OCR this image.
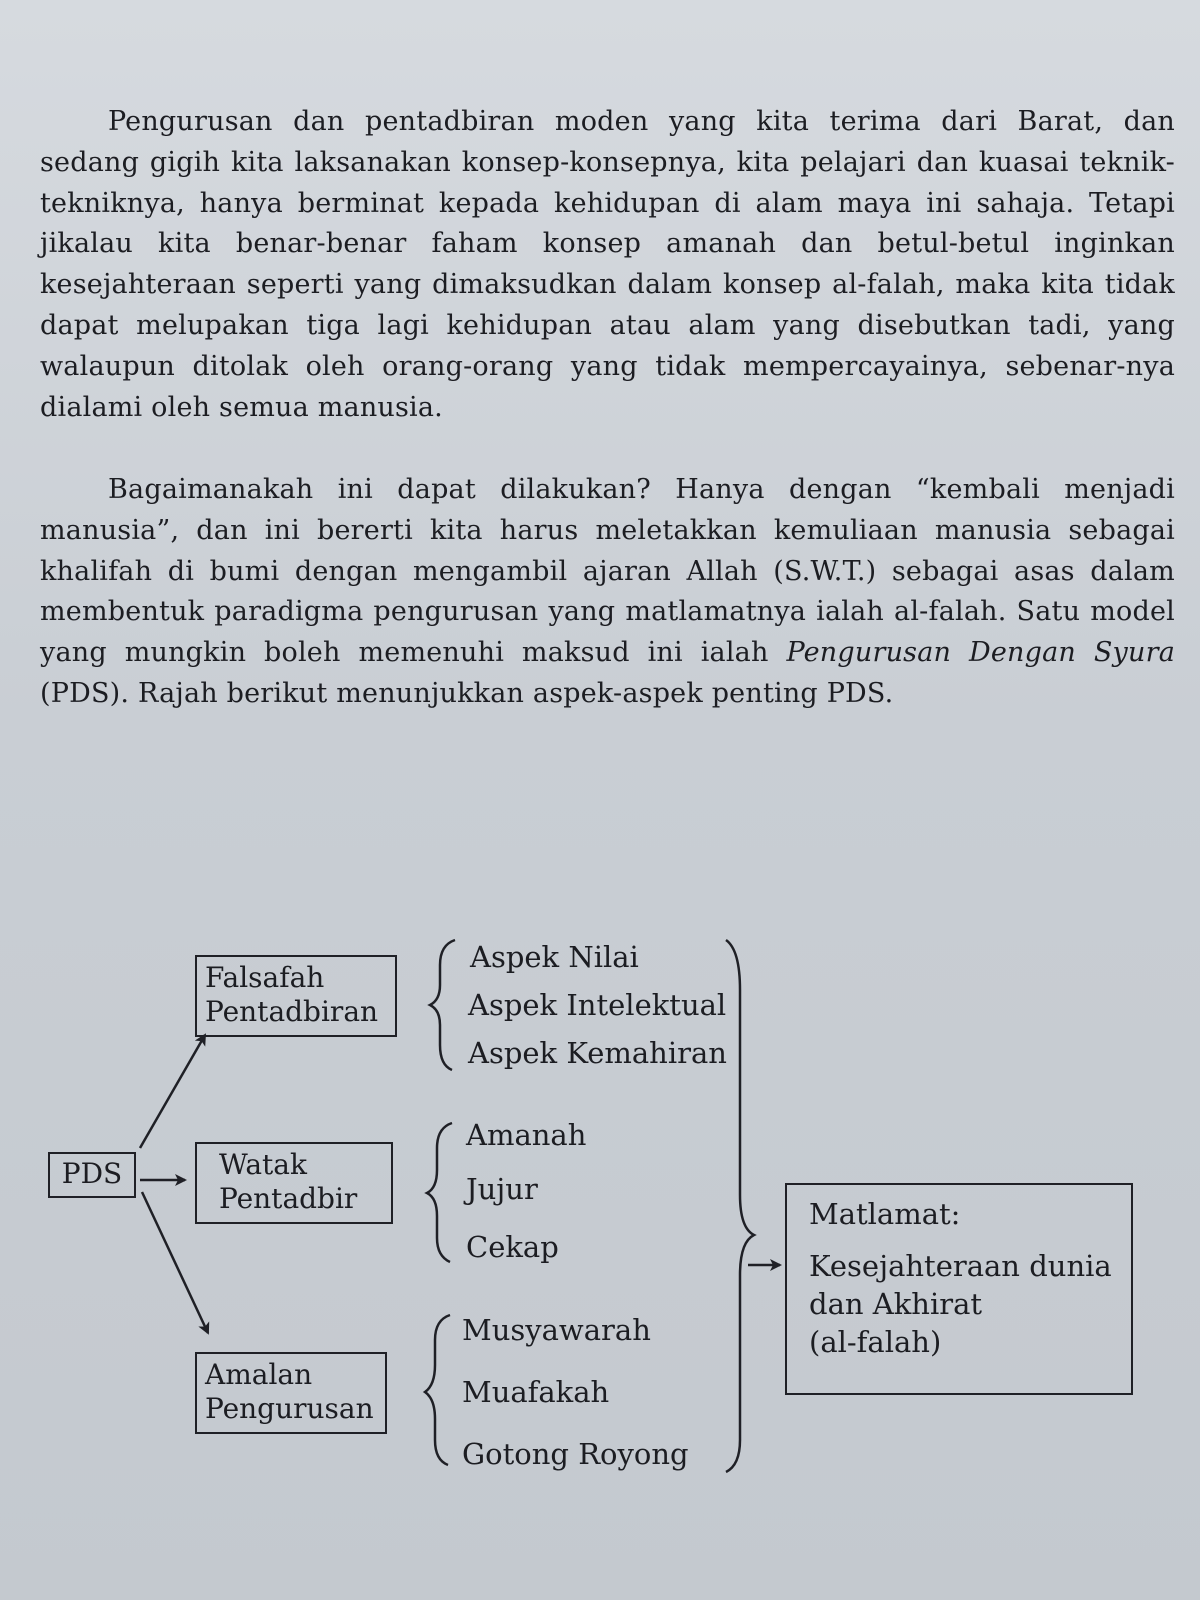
Pengurusan dan pentadbiran moden yang kita terima dari Barat, dan sedang gigih kita laksanakan konsep-konsepnya, kita pelajari dan kuasai teknik-tekniknya, hanya berminat kepada kehidupan di alam maya ini sahaja. Tetapi jikalau kita benar-benar faham konsep amanah dan betul-betul inginkan kesejahteraan seperti yang dimaksudkan dalam konsep al-falah, maka kita tidak dapat melupakan tiga lagi kehidupan atau alam yang disebutkan tadi, yang walaupun ditolak oleh orang-orang yang tidak mempercayainya, sebenar-nya dialami oleh semua manusia.

Bagaimanakah ini dapat dilakukan? Hanya dengan “kembali menjadi manusia”, dan ini bererti kita harus meletakkan kemuliaan manusia sebagai khalifah di bumi dengan mengambil ajaran Allah (S.W.T.) sebagai asas dalam membentuk paradigma pengurusan yang matlamatnya ialah al-falah. Satu model yang mungkin boleh memenuhi maksud ini ialah Pengurusan Dengan Syura (PDS). Rajah berikut menunjukkan aspek-aspek penting PDS.

PDS
Falsafah
Pentadbiran
Watak
Pentadbir
Amalan
Pengurusan
Aspek Nilai
Aspek Intelektual
Aspek Kemahiran
Amanah
Jujur
Cekap
Musyawarah
Muafakah
Gotong Royong
Matlamat:
Kesejahteraan dunia
dan Akhirat
(al-falah)
